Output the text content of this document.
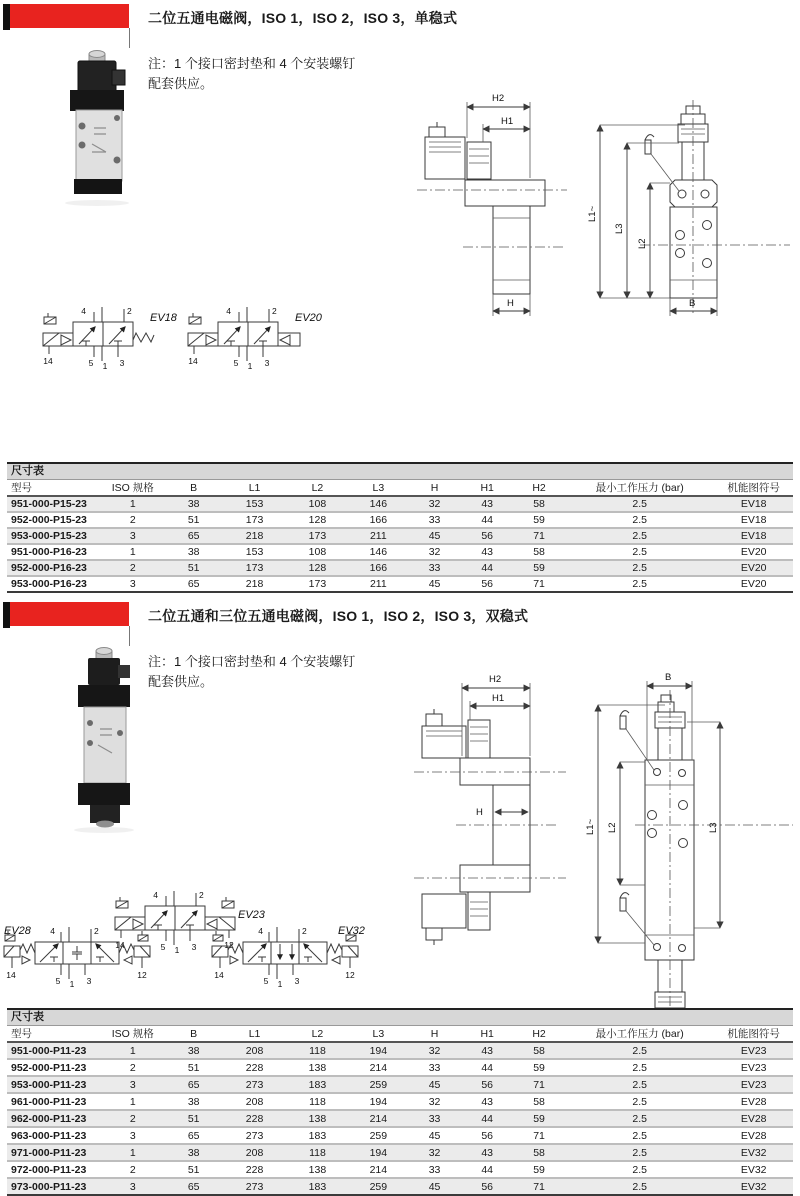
二位五通电磁阀，ISO 1，ISO 2，ISO 3，单稳式
注：1 个接口密封垫和 4 个安装螺钉
配套供应。
H2
H1
H
L1~
L3
L2
B
EV18
4	2
14	5 1 3
EV20
4	2
14	5 1 3
尺寸表
型号	ISO 规格	B	L1	L2	L3	H	H1	H2	最小工作压力 (bar)	机能图符号
951-000-P15-23	1	38	153	108	146	32	43	58	2.5	EV18
952-000-P15-23	2	51	173	128	166	33	44	59	2.5	EV18
953-000-P15-23	3	65	218	173	211	45	56	71	2.5	EV18
951-000-P16-23	1	38	153	108	146	32	43	58	2.5	EV20
952-000-P16-23	2	51	173	128	166	33	44	59	2.5	EV20
953-000-P16-23	3	65	218	173	211	45	56	71	2.5	EV20
二位五通和三位五通电磁阀，ISO 1，ISO 2，ISO 3，双稳式
注：1 个接口密封垫和 4 个安装螺钉
配套供应。	H2
H1
H
B
L1~ L2	L3
EV23
4	2
14	5 1 3	12
EV28 4	2
14
5 1 3
12
EV32
4	2
14
5 1 3
12
尺寸表
型号	ISO 规格	B	L1	L2	L3	H	H1	H2	最小工作压力 (bar)	机能图符号
951-000-P11-23	1	38	208	118	194	32	43	58	2.5	EV23
952-000-P11-23	2	51	228	138	214	33	44	59	2.5	EV23
953-000-P11-23	3	65	273	183	259	45	56	71	2.5	EV23
961-000-P11-23	1	38	208	118	194	32	43	58	2.5	EV28
962-000-P11-23	2	51	228	138	214	33	44	59	2.5	EV28
963-000-P11-23	3	65	273	183	259	45	56	71	2.5	EV28
971-000-P11-23	1	38	208	118	194	32	43	58	2.5	EV32
972-000-P11-23	2	51	228	138	214	33	44	59	2.5	EV32
973-000-P11-23	3	65	273	183	259	45	56	71	2.5	EV32
